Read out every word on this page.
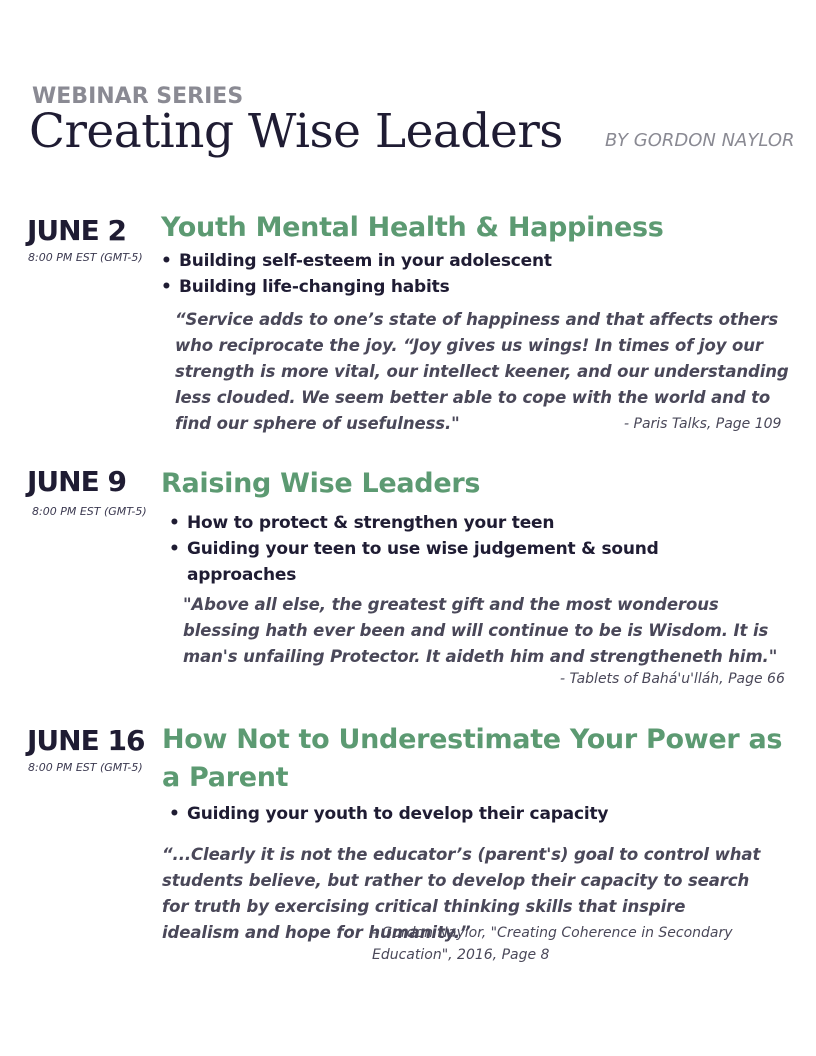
WEBINAR SERIES
Creating Wise Leaders BY GORDON NAYLOR
JUNE 2
8:00 PM EST (GMT-5)
Youth Mental Health & Happiness
• Building self-esteem in your adolescent
• Building life-changing habits
“Service adds to one’s state of happiness and that affects others who reciprocate the joy. “Joy gives us wings! In times of joy our strength is more vital, our intellect keener, and our understanding less clouded. We seem better able to cope with the world and to find our sphere of usefulness."	- Paris Talks, Page 109
JUNE 9
8:00 PM EST (GMT-5)
Raising Wise Leaders
• How to protect & strengthen your teen
• Guiding your teen to use wise judgement & sound approaches
"Above all else, the greatest gift and the most wonderous blessing hath ever been and will continue to be is Wisdom. It is man's unfailing Protector. It aideth him and strengtheneth him."
- Tablets of Bahá'u'lláh, Page 66
JUNE 16
8:00 PM EST (GMT-5)
How Not to Underestimate Your Power as a Parent
• Guiding your youth to develop their capacity
“...Clearly it is not the educator’s (parent's) goal to control what students believe, but rather to develop their capacity to search for truth by exercising critical thinking skills that inspire idealism and hope for humanity.”
- Gordon Naylor, "Creating Coherence in Secondary Education", 2016, Page 8
